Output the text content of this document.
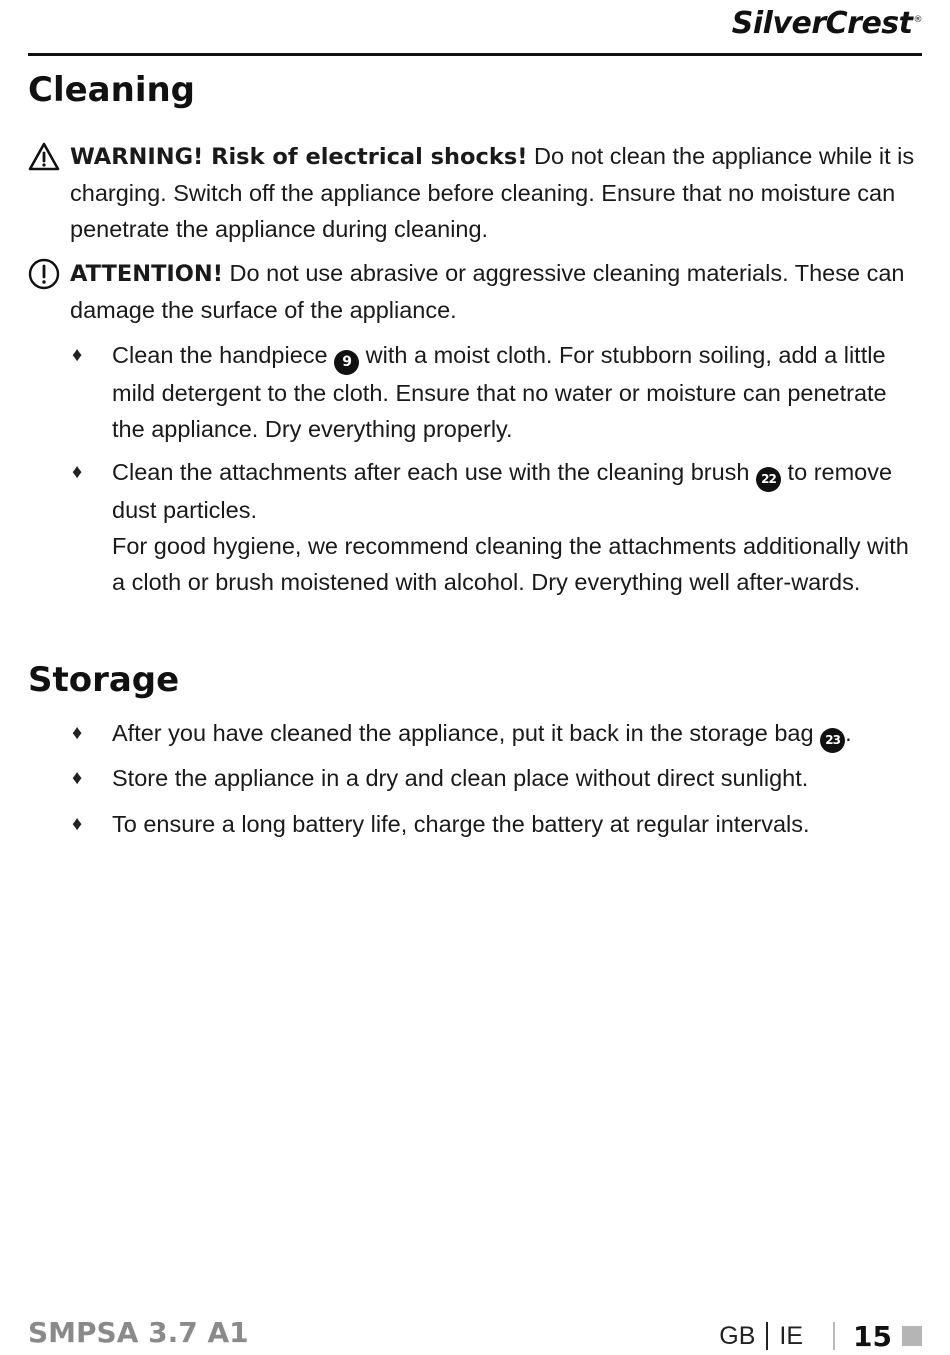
SilverCrest®
Cleaning
WARNING! Risk of electrical shocks! Do not clean the appliance while it is charging. Switch off the appliance before cleaning. Ensure that no moisture can penetrate the appliance during cleaning.
ATTENTION! Do not use abrasive or aggressive cleaning materials. These can damage the surface of the appliance.
♦	Clean the handpiece 9 with a moist cloth. For stubborn soiling, add a little mild detergent to the cloth. Ensure that no water or moisture can penetrate the appliance. Dry everything properly.
♦	Clean the attachments after each use with the cleaning brush 22 to remove dust particles.
For good hygiene, we recommend cleaning the attachments additionally with a cloth or brush moistened with alcohol. Dry everything well after-wards.
Storage
♦	After you have cleaned the appliance, put it back in the storage bag 23 .
♦	Store the appliance in a dry and clean place without direct sunlight.
♦	To ensure a long battery life, charge the battery at regular intervals.
SMPSA 3.7 A1	GB IE 15
